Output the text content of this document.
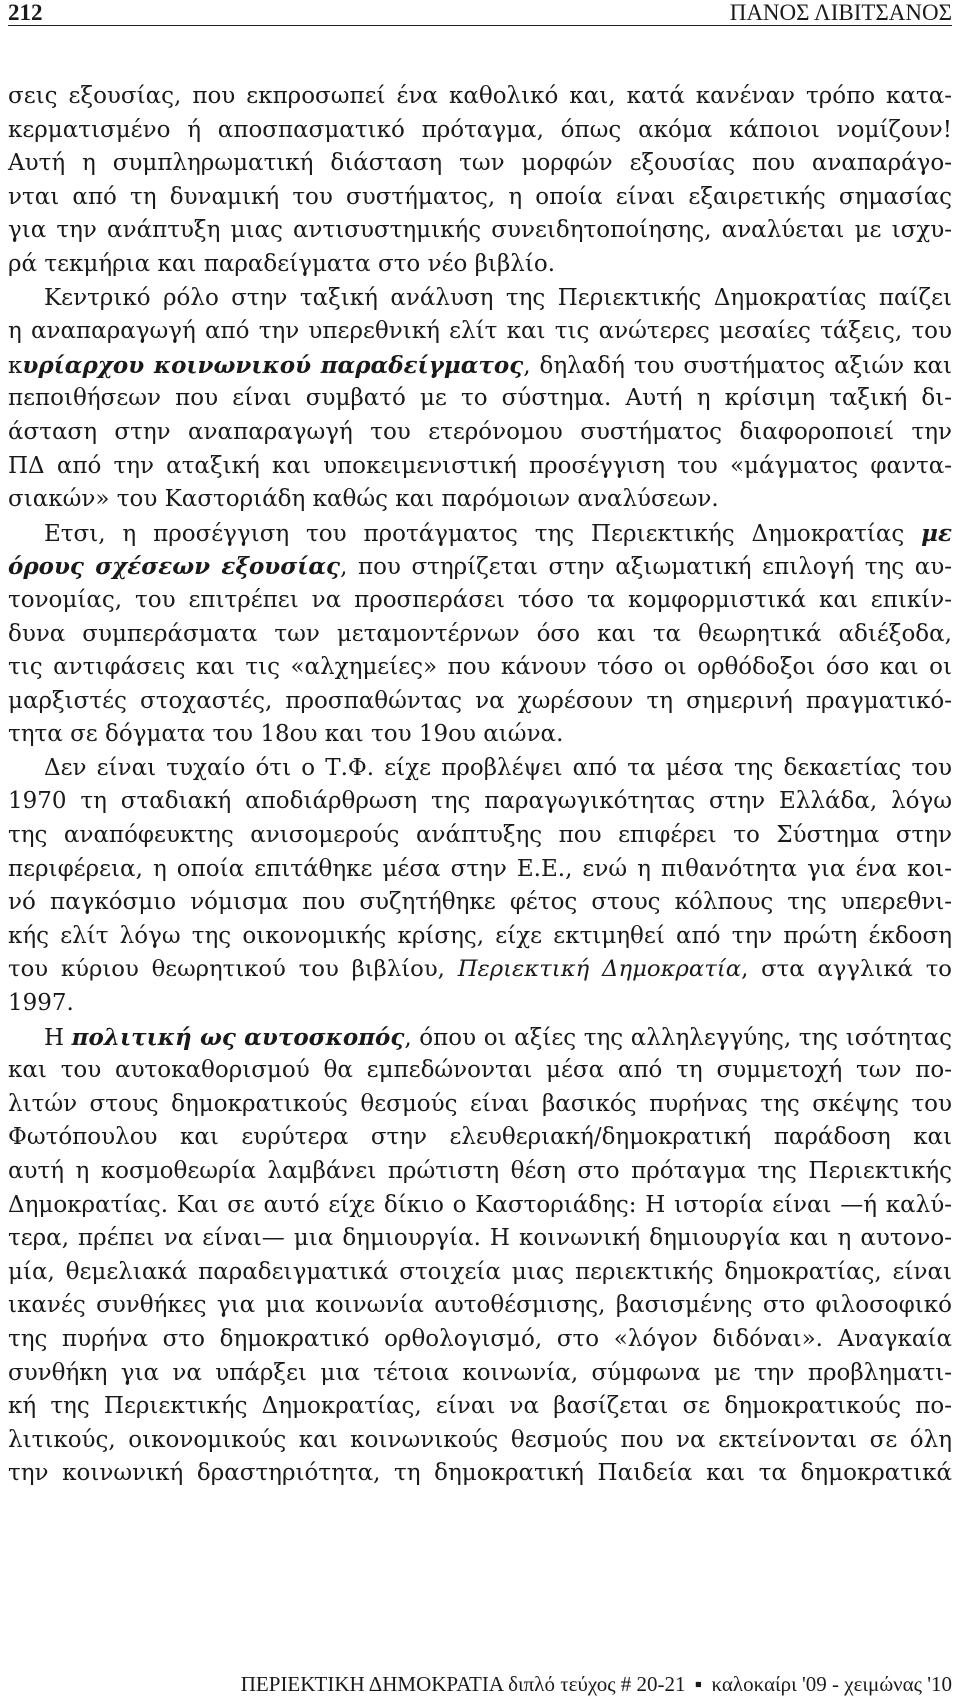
212	ΠΑΝΟΣ ΛΙΒΙΤΣΑΝΟΣ
σεις εξουσίας, που εκπροσωπεί ένα καθολικό και, κατά κανέναν τρόπο κατα-
κερματισμένο ή αποσπασματικό πρόταγμα, όπως ακόμα κάποιοι νομίζουν!
Αυτή η συμπληρωματική διάσταση των μορφών εξουσίας που αναπαράγο-
νται από τη δυναμική του συστήματος, η οποία είναι εξαιρετικής σημασίας
για την ανάπτυξη μιας αντισυστημικής συνειδητοποίησης, αναλύεται με ισχυ-
ρά τεκμήρια και παραδείγματα στο νέο βιβλίο.
Κεντρικό ρόλο στην ταξική ανάλυση της Περιεκτικής Δημοκρατίας παίζει
η αναπαραγωγή από την υπερεθνική ελίτ και τις ανώτερες μεσαίες τάξεις, του
κυρίαρχου κοινωνικού παραδείγματος, δηλαδή του συστήματος αξιών και
πεποιθήσεων που είναι συμβατό με το σύστημα. Αυτή η κρίσιμη ταξική δι-
άσταση στην αναπαραγωγή του ετερόνομου συστήματος διαφοροποιεί την
ΠΔ από την αταξική και υποκειμενιστική προσέγγιση του «μάγματος φαντα-
σιακών» του Καστοριάδη καθώς και παρόμοιων αναλύσεων.
Ετσι, η προσέγγιση του προτάγματος της Περιεκτικής Δημοκρατίας με
όρους σχέσεων εξουσίας, που στηρίζεται στην αξιωματική επιλογή της αυ-
τονομίας, του επιτρέπει να προσπεράσει τόσο τα κομφορμιστικά και επικίν-
δυνα συμπεράσματα των μεταμοντέρνων όσο και τα θεωρητικά αδιέξοδα,
τις αντιφάσεις και τις «αλχημείες» που κάνουν τόσο οι ορθόδοξοι όσο και οι
μαρξιστές στοχαστές, προσπαθώντας να χωρέσουν τη σημερινή πραγματικό-
τητα σε δόγματα του 18ου και του 19ου αιώνα.
Δεν είναι τυχαίο ότι ο Τ.Φ. είχε προβλέψει από τα μέσα της δεκαετίας του
1970 τη σταδιακή αποδιάρθρωση της παραγωγικότητας στην Ελλάδα, λόγω
της αναπόφευκτης ανισομερούς ανάπτυξης που επιφέρει το Σύστημα στην
περιφέρεια, η οποία επιτάθηκε μέσα στην Ε.Ε., ενώ η πιθανότητα για ένα κοι-
νό παγκόσμιο νόμισμα που συζητήθηκε φέτος στους κόλπους της υπερεθνι-
κής ελίτ λόγω της οικονομικής κρίσης, είχε εκτιμηθεί από την πρώτη έκδοση
του κύριου θεωρητικού του βιβλίου, Περιεκτική Δημοκρατία, στα αγγλικά το
1997.
Η πολιτική ως αυτοσκοπός, όπου οι αξίες της αλληλεγγύης, της ισότητας
και του αυτοκαθορισμού θα εμπεδώνονται μέσα από τη συμμετοχή των πο-
λιτών στους δημοκρατικούς θεσμούς είναι βασικός πυρήνας της σκέψης του
Φωτόπουλου και ευρύτερα στην ελευθεριακή/δημοκρατική παράδοση και
αυτή η κοσμοθεωρία λαμβάνει πρώτιστη θέση στο πρόταγμα της Περιεκτικής
Δημοκρατίας. Και σε αυτό είχε δίκιο ο Καστοριάδης: Η ιστορία είναι —ή καλύ-
τερα, πρέπει να είναι— μια δημιουργία. Η κοινωνική δημιουργία και η αυτονο-
μία, θεμελιακά παραδειγματικά στοιχεία μιας περιεκτικής δημοκρατίας, είναι
ικανές συνθήκες για μια κοινωνία αυτοθέσμισης, βασισμένης στο φιλοσοφικό
της πυρήνα στο δημοκρατικό ορθολογισμό, στο «λόγον διδόναι». Αναγκαία
συνθήκη για να υπάρξει μια τέτοια κοινωνία, σύμφωνα με την προβληματι-
κή της Περιεκτικής Δημοκρατίας, είναι να βασίζεται σε δημοκρατικούς πο-
λιτικούς, οικονομικούς και κοινωνικούς θεσμούς που να εκτείνονται σε όλη
την κοινωνική δραστηριότητα, τη δημοκρατική Παιδεία και τα δημοκρατικά
ΠΕΡΙΕΚΤΙΚΗ ΔΗΜΟΚΡΑΤΙΑ διπλό τεύχος # 20-21 ▪ καλοκαίρι '09 - χειμώνας '10
